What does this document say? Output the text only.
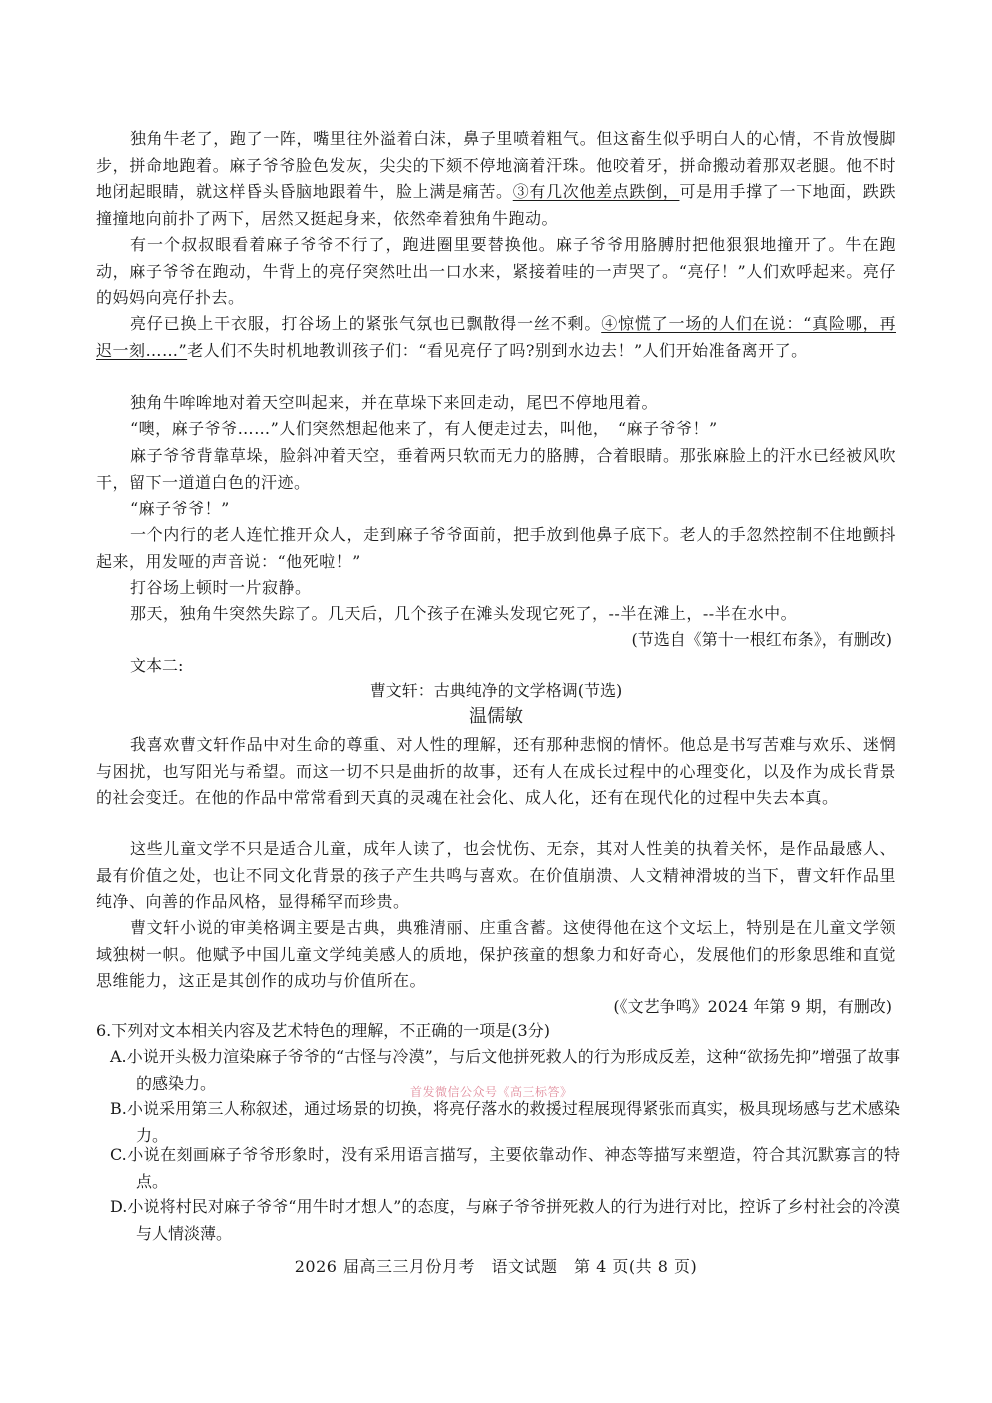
独角牛老了，跑了一阵，嘴里往外溢着白沫，鼻子里喷着粗气。但这畜生似乎明白人的心情，不肯放慢脚步，拼命地跑着。麻子爷爷脸色发灰，尖尖的下颏不停地滴着汗珠。他咬着牙，拼命搬动着那双老腿。他不时地闭起眼睛，就这样昏头昏脑地跟着牛，脸上满是痛苦。③有几次他差点跌倒，可是用手撑了一下地面，跌跌撞撞地向前扑了两下，居然又挺起身来，依然牵着独角牛跑动。

有一个叔叔眼看着麻子爷爷不行了，跑进圈里要替换他。麻子爷爷用胳膊肘把他狠狠地撞开了。牛在跑动，麻子爷爷在跑动，牛背上的亮仔突然吐出一口水来，紧接着哇的一声哭了。“亮仔！”人们欢呼起来。亮仔的妈妈向亮仔扑去。

亮仔已换上干衣服，打谷场上的紧张气氛也已飘散得一丝不剩。④惊慌了一场的人们在说：“真险哪，再迟一刻……”老人们不失时机地教训孩子们：“看见亮仔了吗?别到水边去！”人们开始准备离开了。

独角牛哞哞地对着天空叫起来，并在草垛下来回走动，尾巴不停地甩着。

“噢，麻子爷爷……”人们突然想起他来了，有人便走过去，叫他，　“麻子爷爷！”

麻子爷爷背靠草垛，脸斜冲着天空，垂着两只软而无力的胳膊，合着眼睛。那张麻脸上的汗水已经被风吹干，留下一道道白色的汗迹。

“麻子爷爷！”

一个内行的老人连忙推开众人，走到麻子爷爷面前，把手放到他鼻子底下。老人的手忽然控制不住地颤抖起来，用发哑的声音说：“他死啦！”

打谷场上顿时一片寂静。

那天，独角牛突然失踪了。几天后，几个孩子在滩头发现它死了，--半在滩上，--半在水中。

(节选自《第十一根红布条》，有删改)
文本二:
曹文轩：古典纯净的文学格调(节选)
温儒敏

我喜欢曹文轩作品中对生命的尊重、对人性的理解，还有那种悲悯的情怀。他总是书写苦难与欢乐、迷惘与困扰，也写阳光与希望。而这一切不只是曲折的故事，还有人在成长过程中的心理变化，以及作为成长背景的社会变迁。在他的作品中常常看到天真的灵魂在社会化、成人化，还有在现代化的过程中失去本真。

这些儿童文学不只是适合儿童，成年人读了，也会忧伤、无奈，其对人性美的执着关怀，是作品最感人、最有价值之处，也让不同文化背景的孩子产生共鸣与喜欢。在价值崩溃、人文精神滑坡的当下，曹文轩作品里纯净、向善的作品风格，显得稀罕而珍贵。

曹文轩小说的审美格调主要是古典，典雅清丽、庄重含蓄。这使得他在这个文坛上，特别是在儿童文学领域独树一帜。他赋予中国儿童文学纯美感人的质地，保护孩童的想象力和好奇心，发展他们的形象思维和直觉思维能力，这正是其创作的成功与价值所在。

(《文艺争鸣》2024 年第 9 期，有删改)
6.下列对文本相关内容及艺术特色的理解，不正确的一项是(3分)
A.小说开头极力渲染麻子爷爷的“古怪与冷漠”，与后文他拼死救人的行为形成反差，这种“欲扬先抑”增强了故事的感染力。
B.小说采用第三人称叙述，通过场景的切换，将亮仔落水的救援过程展现得紧张而真实，极具现场感与艺术感染力。
C.小说在刻画麻子爷爷形象时，没有采用语言描写，主要依靠动作、神态等描写来塑造，符合其沉默寡言的特点。
D.小说将村民对麻子爷爷“用牛时才想人”的态度，与麻子爷爷拼死救人的行为进行对比，控诉了乡村社会的冷漠与人情淡薄。
首发微信公众号《高三标答》
2026 届高三三月份月考　语文试题　第 4 页(共 8 页)
